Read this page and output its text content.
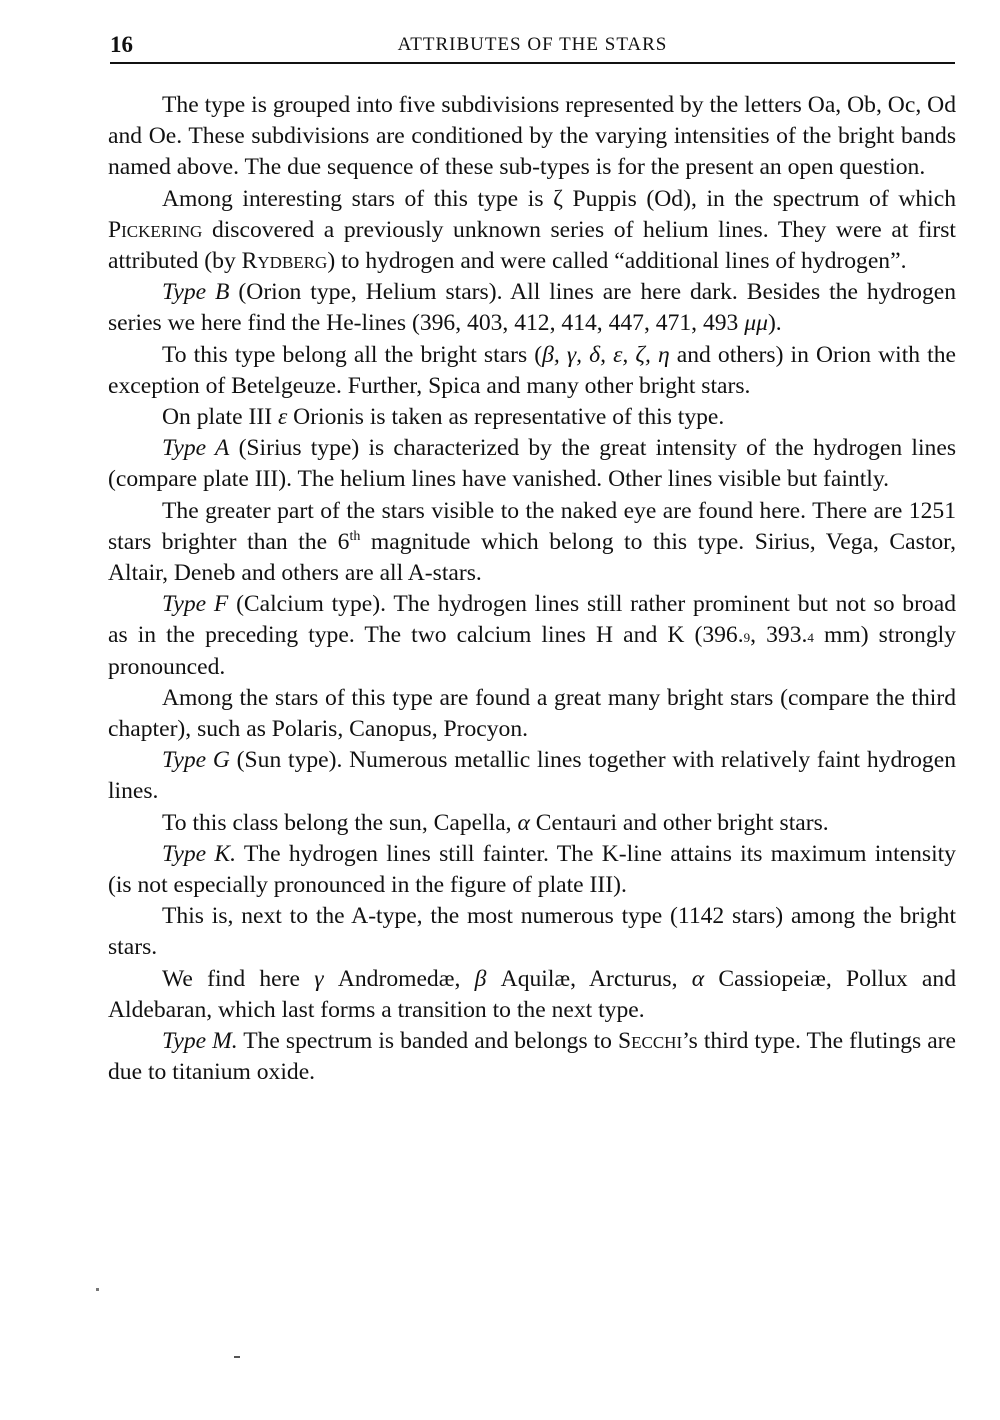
16	ATTRIBUTES OF THE STARS

The type is grouped into five subdivisions represented by the letters Oa, Ob, Oc, Od and Oe. These subdivisions are conditioned by the varying intensities of the bright bands named above. The due sequence of these sub-types is for the present an open question.

Among interesting stars of this type is ζ Puppis (Od), in the spectrum of which Pickering discovered a previously unknown series of helium lines. They were at first attributed (by Rydberg) to hydrogen and were called “additional lines of hydrogen”.

Type B (Orion type, Helium stars). All lines are here dark. Besides the hydrogen series we here find the He-lines (396, 403, 412, 414, 447, 471, 493 μμ).

To this type belong all the bright stars (β, γ, δ, ε, ζ, η and others) in Orion with the exception of Betelgeuze. Further, Spica and many other bright stars.

On plate III ε Orionis is taken as representative of this type.

Type A (Sirius type) is characterized by the great intensity of the hydrogen lines (compare plate III). The helium lines have vanished. Other lines visible but faintly.

The greater part of the stars visible to the naked eye are found here. There are 1251 stars brighter than the 6th magnitude which belong to this type. Sirius, Vega, Castor, Altair, Deneb and others are all A-stars.

Type F (Calcium type). The hydrogen lines still rather prominent but not so broad as in the preceding type. The two calcium lines H and K (396.9, 393.4 mm) strongly pronounced.

Among the stars of this type are found a great many bright stars (compare the third chapter), such as Polaris, Canopus, Procyon.

Type G (Sun type). Numerous metallic lines together with relatively faint hydrogen lines.

To this class belong the sun, Capella, α Centauri and other bright stars.

Type K. The hydrogen lines still fainter. The K-line attains its maximum intensity (is not especially pronounced in the figure of plate III).

This is, next to the A-type, the most numerous type (1142 stars) among the bright stars.

We find here γ Andromedæ, β Aquilæ, Arcturus, α Cassiopeiæ, Pollux and Aldebaran, which last forms a transition to the next type.

Type M. The spectrum is banded and belongs to Secchi’s third type. The flutings are due to titanium oxide.
